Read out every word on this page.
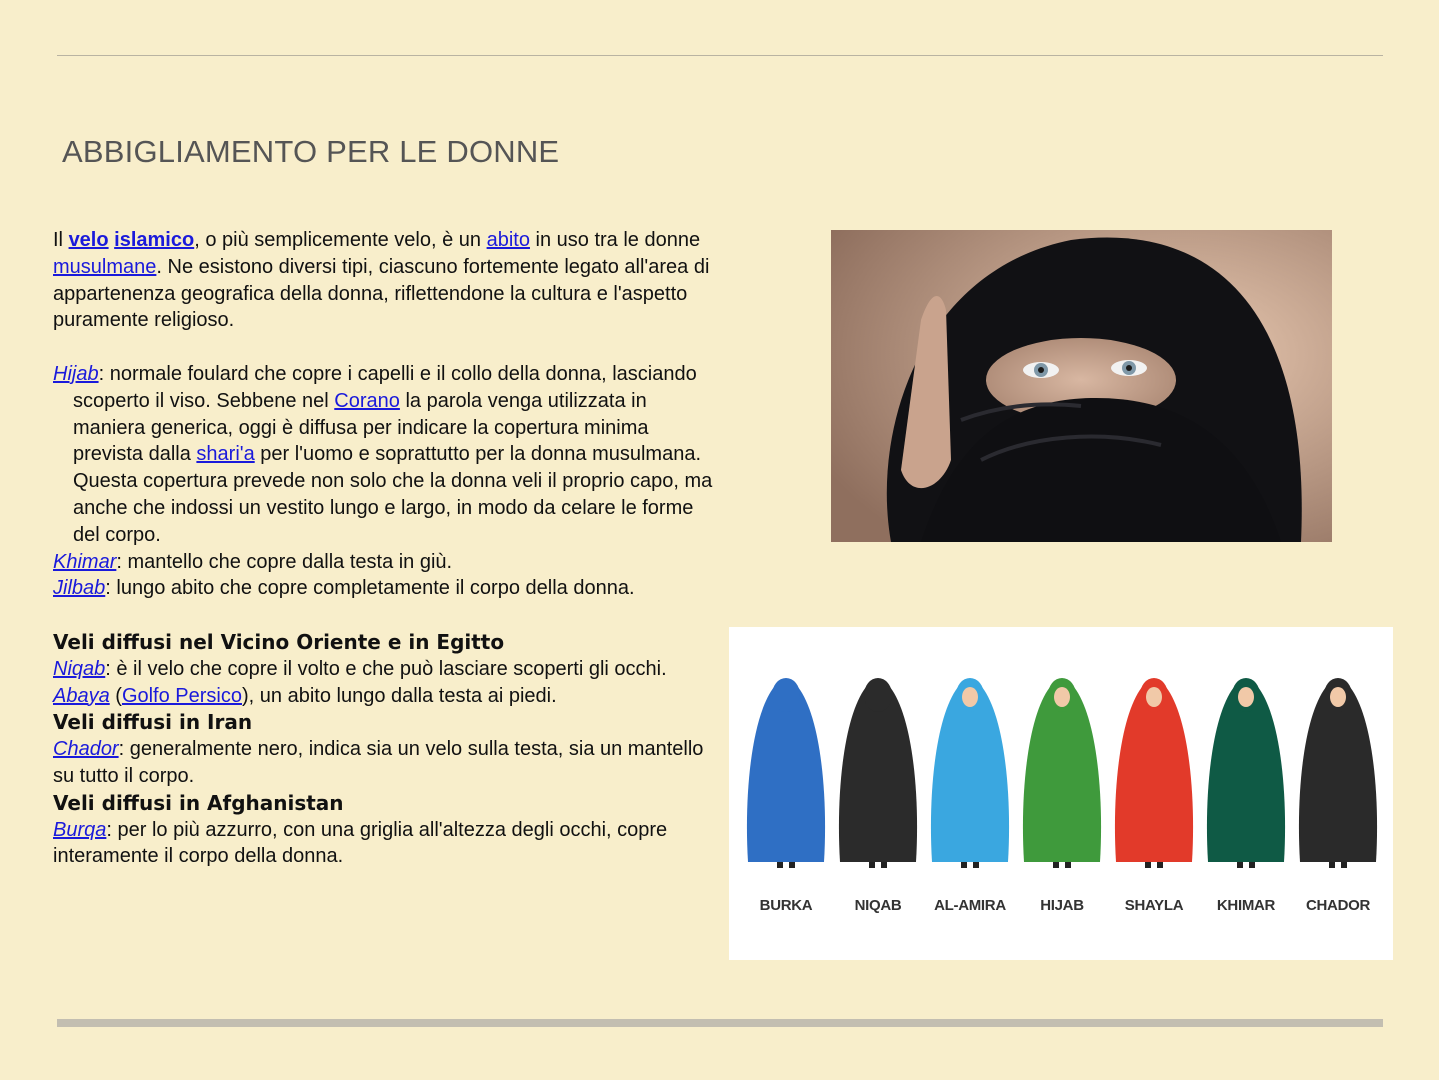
ABBIGLIAMENTO PER LE DONNE

Il velo islamico, o più semplicemente velo, è un abito in uso tra le donne musulmane. Ne esistono diversi tipi, ciascuno fortemente legato all'area di appartenenza geografica della donna, riflettendone la cultura e l'aspetto puramente religioso.

Hijab: normale foulard che copre i capelli e il collo della donna, lasciando scoperto il viso. Sebbene nel Corano la parola venga utilizzata in maniera generica, oggi è diffusa per indicare la copertura minima prevista dalla shari'a per l'uomo e soprattutto per la donna musulmana. Questa copertura prevede non solo che la donna veli il proprio capo, ma anche che indossi un vestito lungo e largo, in modo da celare le forme del corpo.

Khimar: mantello che copre dalla testa in giù.

Jilbab: lungo abito che copre completamente il corpo della donna.

Veli diffusi nel Vicino Oriente e in Egitto

Niqab: è il velo che copre il volto e che può lasciare scoperti gli occhi.

Abaya (Golfo Persico), un abito lungo dalla testa ai piedi.

Veli diffusi in Iran

Chador: generalmente nero, indica sia un velo sulla testa, sia un mantello su tutto il corpo.

Veli diffusi in Afghanistan

Burqa: per lo più azzurro, con una griglia all'altezza degli occhi, copre interamente il corpo della donna.

BURKA	NIQAB AL-AMIRA HIJAB	SHAYLA KHIMAR CHADOR
